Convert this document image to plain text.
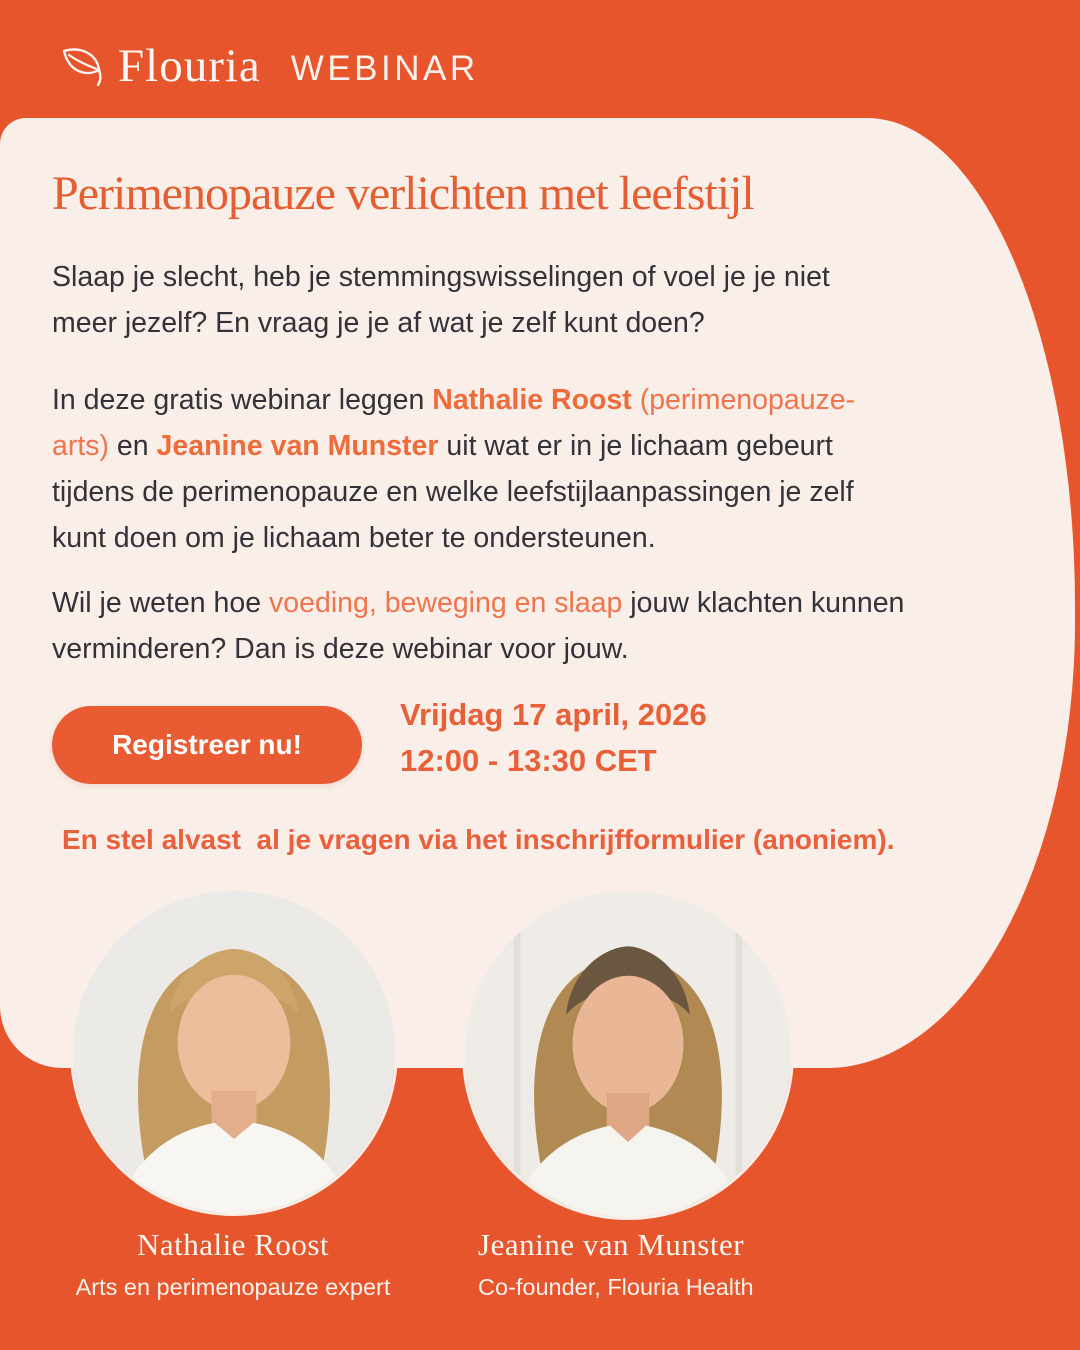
Flouria WEBINAR
Perimenopauze verlichten met leefstijl
Slaap je slecht, heb je stemmingswisselingen of voel je je niet
meer jezelf? En vraag je je af wat je zelf kunt doen?
In deze gratis webinar leggen Nathalie Roost (perimenopauze-
arts) en Jeanine van Munster uit wat er in je lichaam gebeurt
tijdens de perimenopauze en welke leefstijlaanpassingen je zelf
kunt doen om je lichaam beter te ondersteunen.
Wil je weten hoe voeding, beweging en slaap jouw klachten kunnen
verminderen? Dan is deze webinar voor jouw.
Registreer nu!
Vrijdag 17 april, 2026
12:00 - 13:30 CET
En stel alvast  al je vragen via het inschrijfformulier (anoniem).
Nathalie Roost
Arts en perimenopauze expert
Jeanine van Munster
Co-founder, Flouria Health
